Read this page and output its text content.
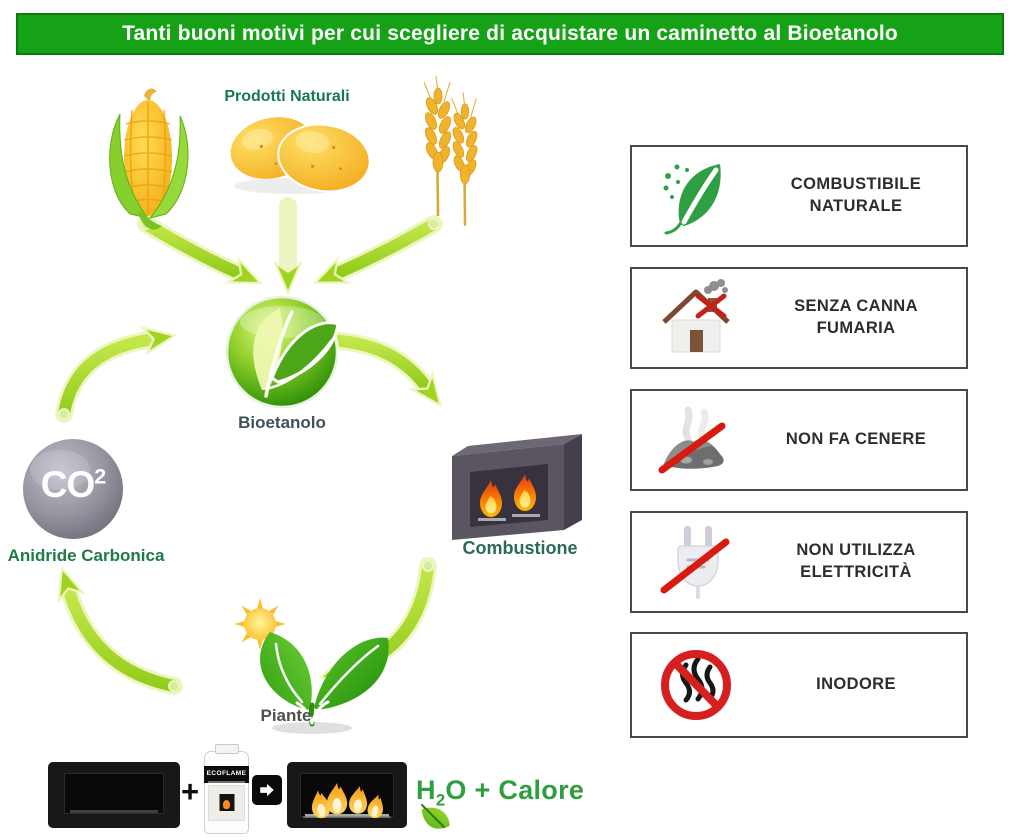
Tanti buoni motivi per cui scegliere di acquistare un caminetto al Bioetanolo
Prodotti Naturali
Bioetanolo
$CO^2$
Anidride Carbonica	Combustione
Piante
COMBUSTIBILE NATURALE
SENZA CANNA FUMARIA
NON FA CENERE
NON UTILIZZA ELETTRICITÀ
INODORE
+
ECOFLAME
$H_2O$ + Calore
